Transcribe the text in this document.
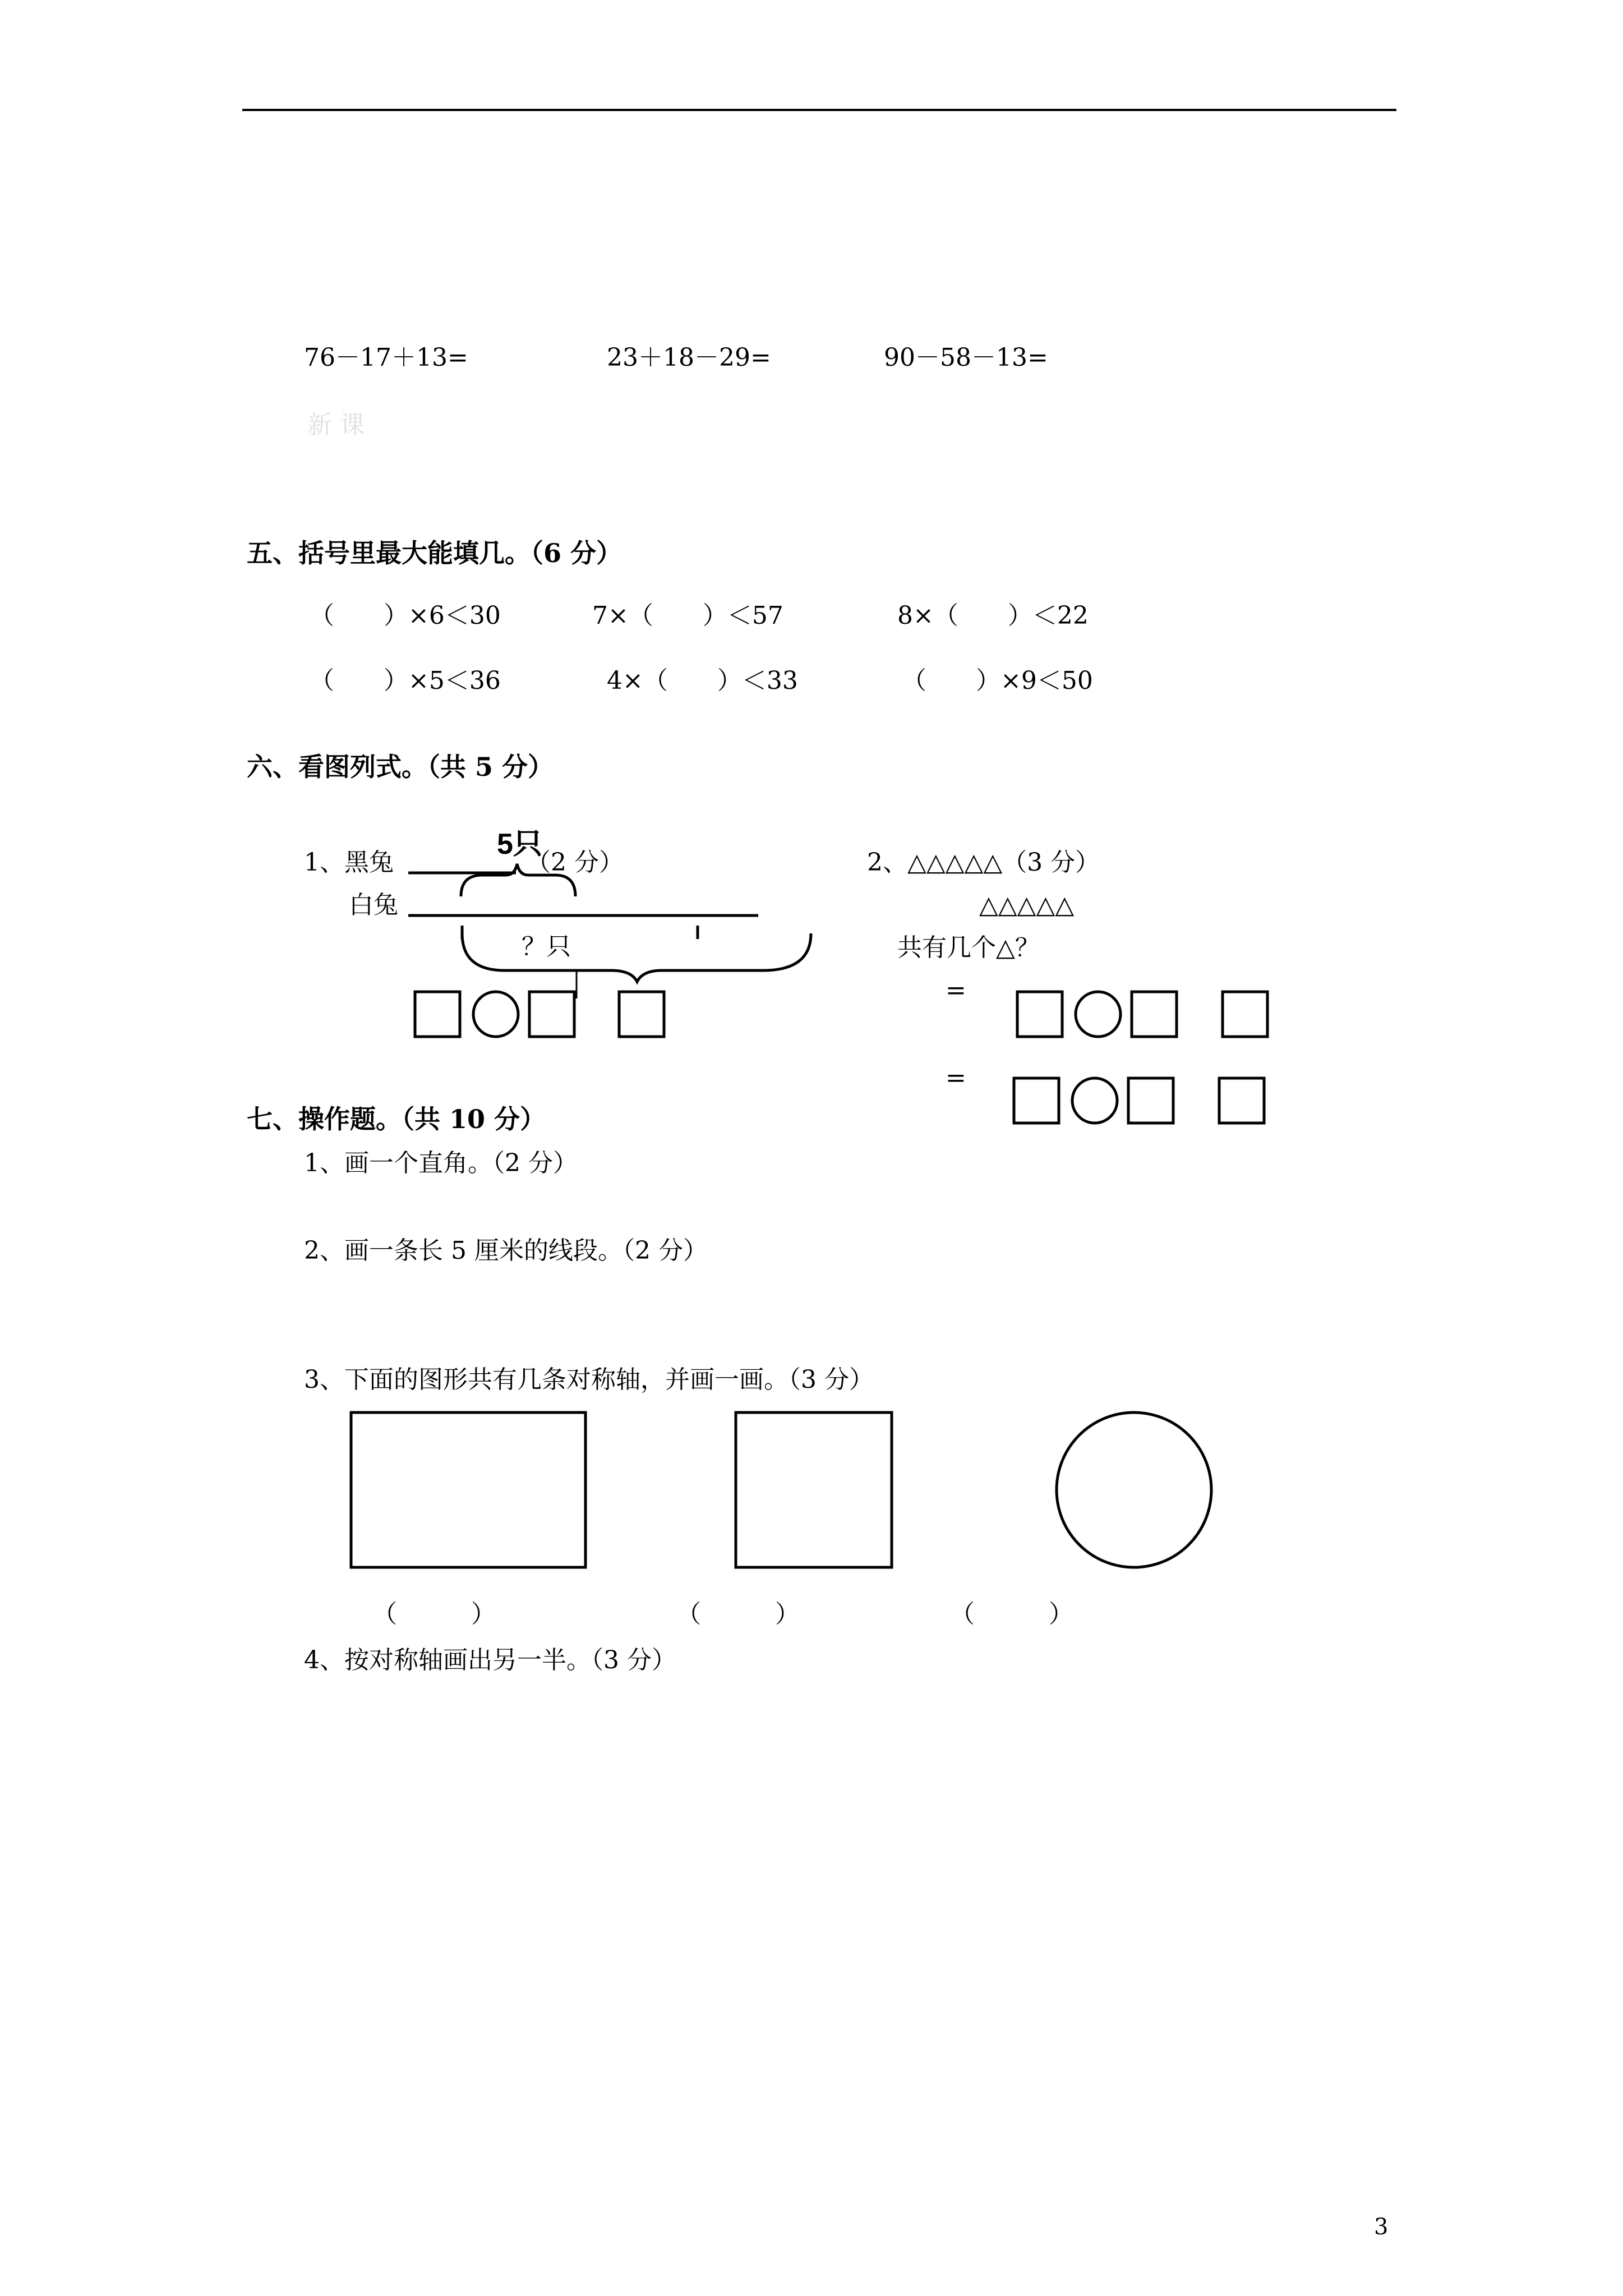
76－17＋13=	23＋18－29=	90－58－13=
新 课
五、括号里最大能填几。（6 分）
（　　）×6＜30	7×（　　）＜57	8×（　　）＜22
（　　）×5＜36	4×（　　）＜33	（　　）×9＜50
六、看图列式。（共 5 分）
1、黑兔	（2 分）
5只
白兔
？只
2、△△△△△（3 分）
△△△△△
共有几个△？
=
=
七、操作题。（共 10 分）
1、画一个直角。（2 分）
2、画一条长 5 厘米的线段。（2 分）
3、下面的图形共有几条对称轴，并画一画。（3 分）
（　　　）	（　　　）	（　　　）
4、按对称轴画出另一半。（3 分）
3
